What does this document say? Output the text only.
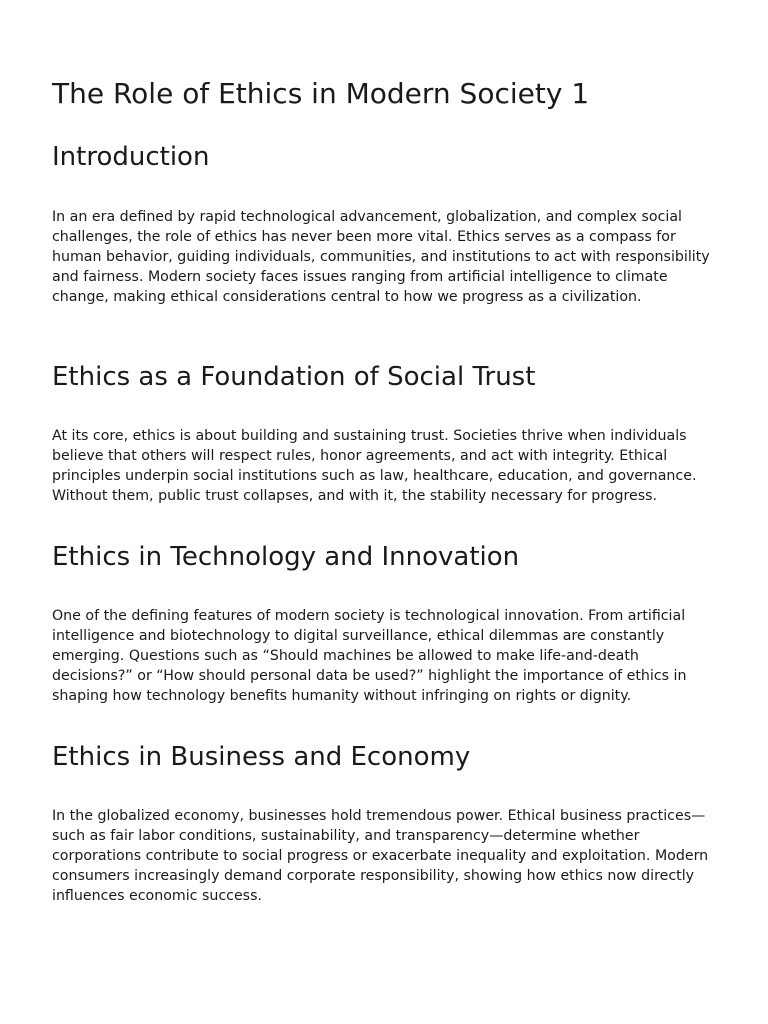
The Role of Ethics in Modern Society 1
Introduction

In an era defined by rapid technological advancement, globalization, and complex social challenges, the role of ethics has never been more vital. Ethics serves as a compass for human behavior, guiding individuals, communities, and institutions to act with responsibility and fairness. Modern society faces issues ranging from artificial intelligence to climate change, making ethical considerations central to how we progress as a civilization.

Ethics as a Foundation of Social Trust

At its core, ethics is about building and sustaining trust. Societies thrive when individuals believe that others will respect rules, honor agreements, and act with integrity. Ethical principles underpin social institutions such as law, healthcare, education, and governance. Without them, public trust collapses, and with it, the stability necessary for progress.

Ethics in Technology and Innovation

One of the defining features of modern society is technological innovation. From artificial intelligence and biotechnology to digital surveillance, ethical dilemmas are constantly emerging. Questions such as “Should machines be allowed to make life-and-death decisions?” or “How should personal data be used?” highlight the importance of ethics in shaping how technology benefits humanity without infringing on rights or dignity.

Ethics in Business and Economy

In the globalized economy, businesses hold tremendous power. Ethical business practices—such as fair labor conditions, sustainability, and transparency—determine whether corporations contribute to social progress or exacerbate inequality and exploitation. Modern consumers increasingly demand corporate responsibility, showing how ethics now directly influences economic success.
